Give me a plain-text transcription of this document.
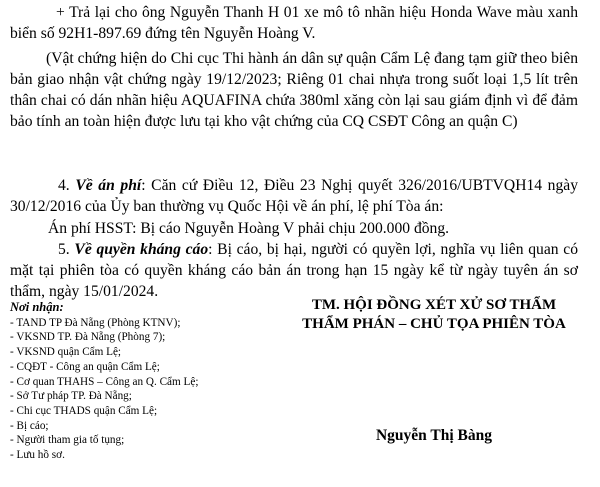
+ Trả lại cho ông Nguyễn Thanh H 01 xe mô tô nhãn hiệu Honda Wave màu xanh biển số 92H1-897.69 đứng tên Nguyễn Hoàng V.
(Vật chứng hiện do Chi cục Thi hành án dân sự quận Cẩm Lệ đang tạm giữ theo biên bản giao nhận vật chứng ngày 19/12/2023; Riêng 01 chai nhựa trong suốt loại 1,5 lít trên thân chai có dán nhãn hiệu AQUAFINA chứa 380ml xăng còn lại sau giám định vì để đảm bảo tính an toàn hiện được lưu tại kho vật chứng của CQ CSĐT Công an quận C)
4. Về án phí: Căn cứ Điều 12, Điều 23 Nghị quyết 326/2016/UBTVQH14 ngày 30/12/2016 của Ủy ban thường vụ Quốc Hội về án phí, lệ phí Tòa án:
Án phí HSST: Bị cáo Nguyễn Hoàng V phải chịu 200.000 đồng.
5. Về quyền kháng cáo: Bị cáo, bị hại, người có quyền lợi, nghĩa vụ liên quan có mặt tại phiên tòa có quyền kháng cáo bản án trong hạn 15 ngày kể từ ngày tuyên án sơ thẩm, ngày 15/01/2024.
Nơi nhận:
- TAND TP Đà Nẵng (Phòng KTNV);
- VKSND TP. Đà Nẵng (Phòng 7);
- VKSND quận Cẩm Lệ;
- CQĐT - Công an quận Cẩm Lệ;
- Cơ quan THAHS – Công an Q. Cẩm Lệ;
- Sở Tư pháp TP. Đà Nẵng;
- Chi cục THADS quận Cẩm Lệ;
- Bị cáo;
- Người tham gia tố tụng;
- Lưu hồ sơ.
TM. HỘI ĐỒNG XÉT XỬ SƠ THẨM
THẨM PHÁN – CHỦ TỌA PHIÊN TÒA
Nguyễn Thị Bàng
